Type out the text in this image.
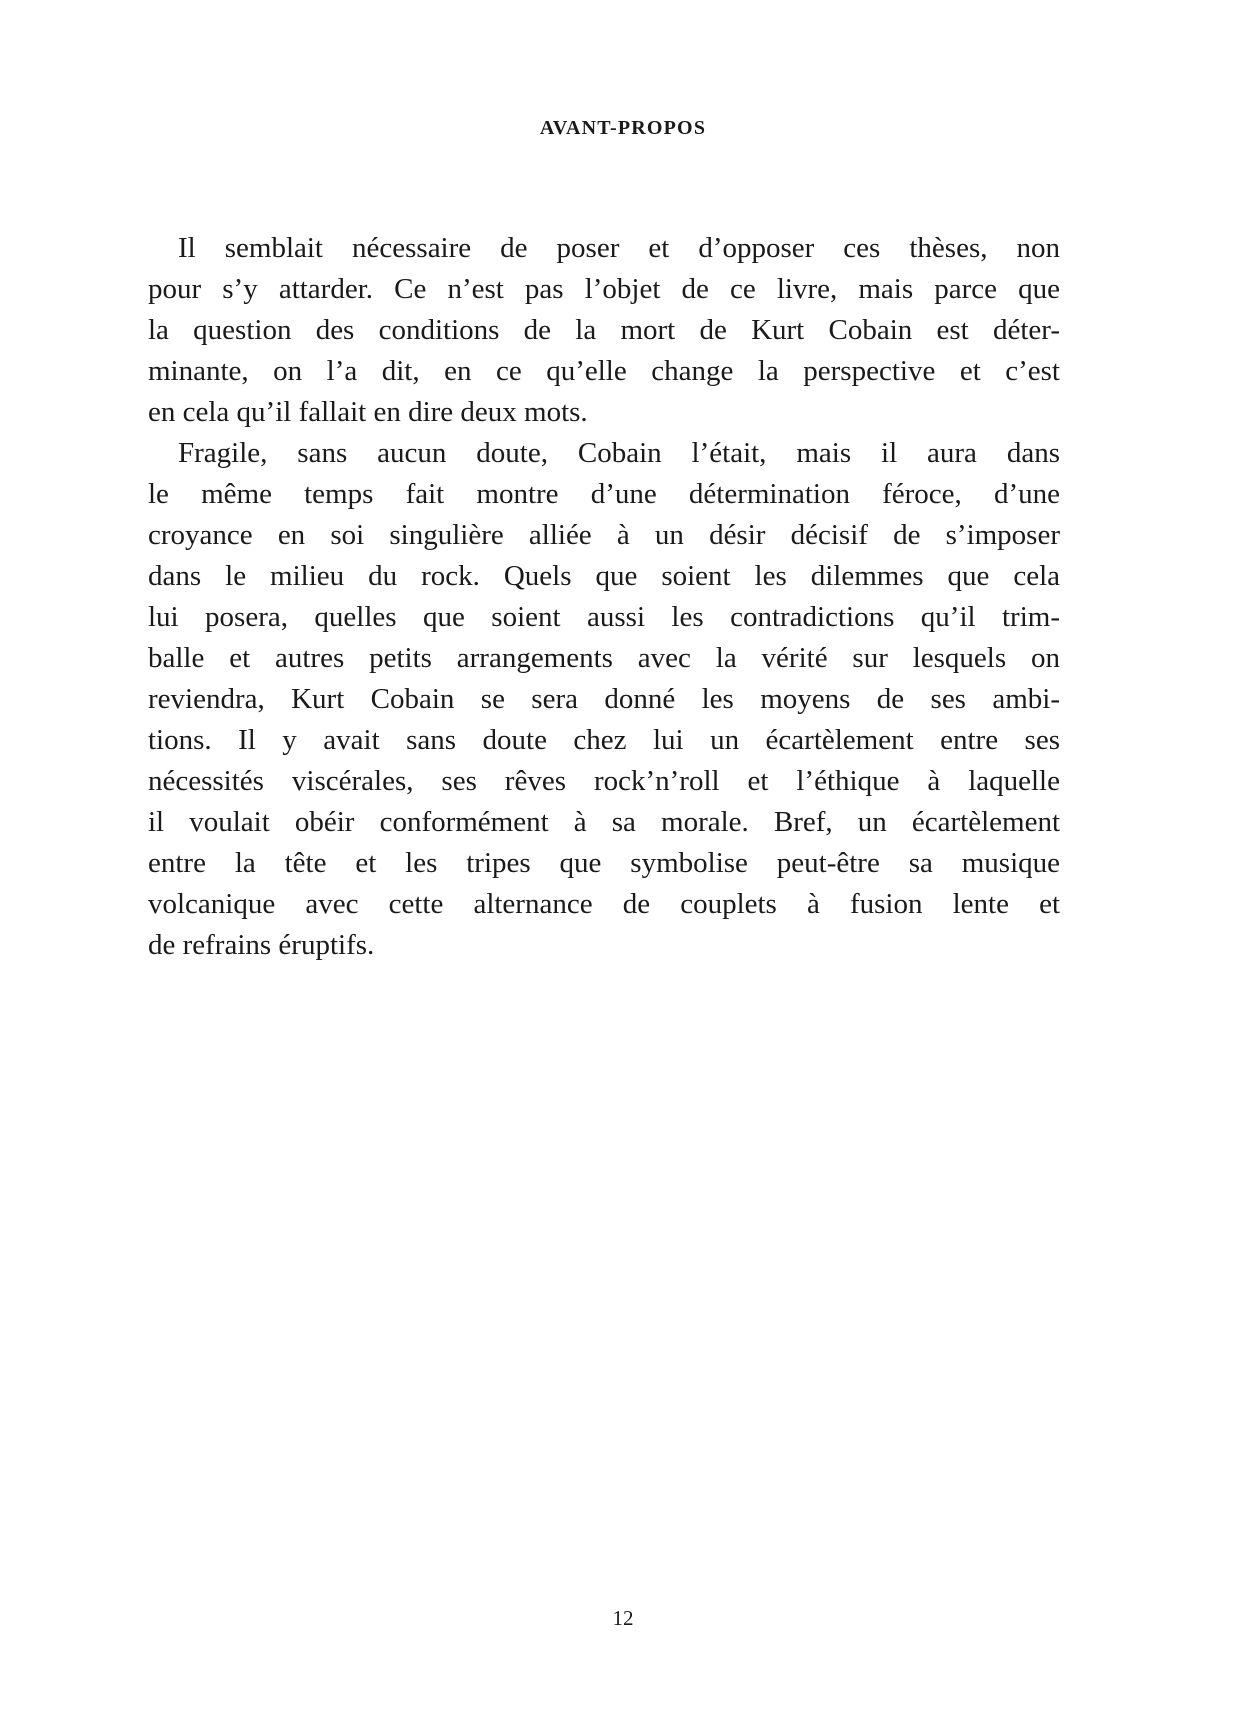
AVANT-PROPOS
Il semblait nécessaire de poser et d’opposer ces thèses, non
pour s’y attarder. Ce n’est pas l’objet de ce livre, mais parce que
la question des conditions de la mort de Kurt Cobain est déter-
minante, on l’a dit, en ce qu’elle change la perspective et c’est
en cela qu’il fallait en dire deux mots.
Fragile, sans aucun doute, Cobain l’était, mais il aura dans
le même temps fait montre d’une détermination féroce, d’une
croyance en soi singulière alliée à un désir décisif de s’imposer
dans le milieu du rock. Quels que soient les dilemmes que cela
lui posera, quelles que soient aussi les contradictions qu’il trim-
balle et autres petits arrangements avec la vérité sur lesquels on
reviendra, Kurt Cobain se sera donné les moyens de ses ambi-
tions. Il y avait sans doute chez lui un écartèlement entre ses
nécessités viscérales, ses rêves rock’n’roll et l’éthique à laquelle
il voulait obéir conformément à sa morale. Bref, un écartèlement
entre la tête et les tripes que symbolise peut-être sa musique
volcanique avec cette alternance de couplets à fusion lente et
de refrains éruptifs.
12
